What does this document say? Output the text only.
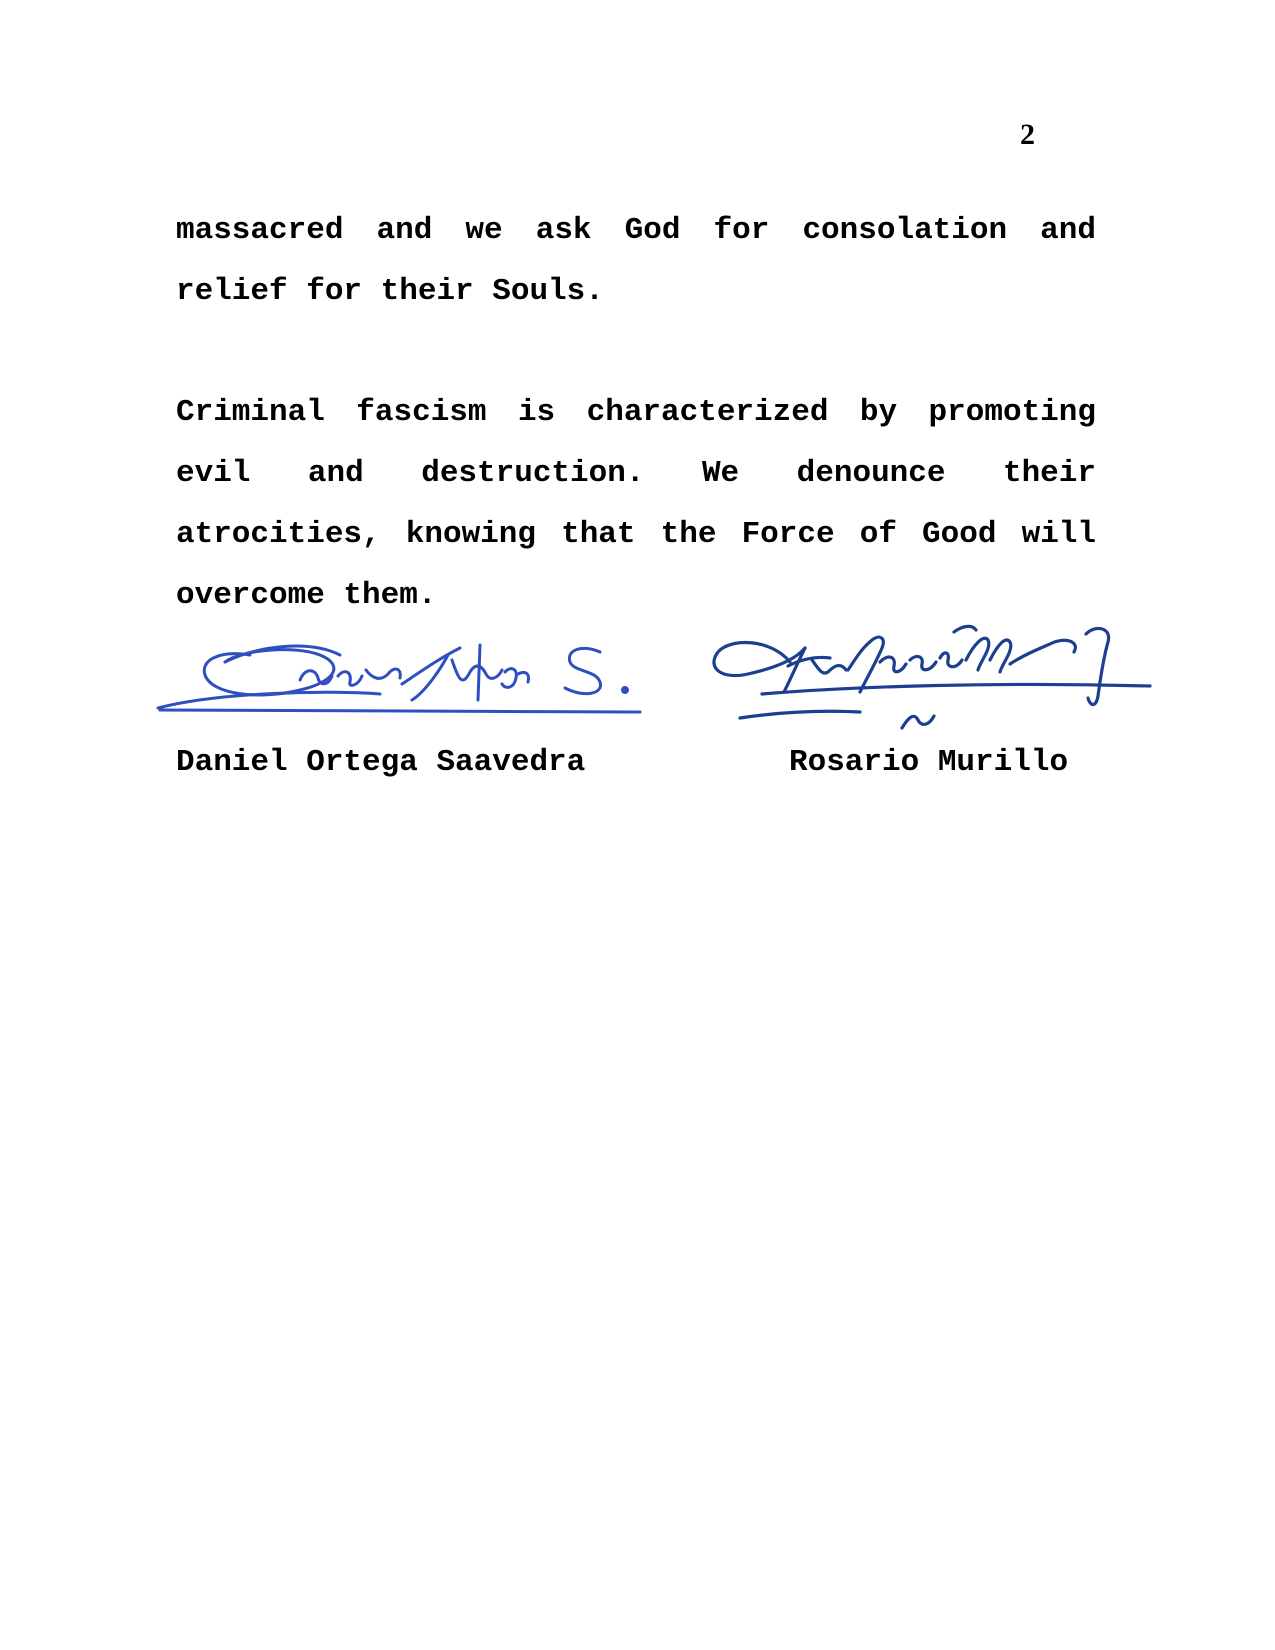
2

massacred and we ask God for consolation and relief for their Souls.

Criminal fascism is characterized by promoting evil and destruction. We denounce their atrocities, knowing that the Force of Good will overcome them.

Daniel Ortega Saavedra	Rosario Murillo
